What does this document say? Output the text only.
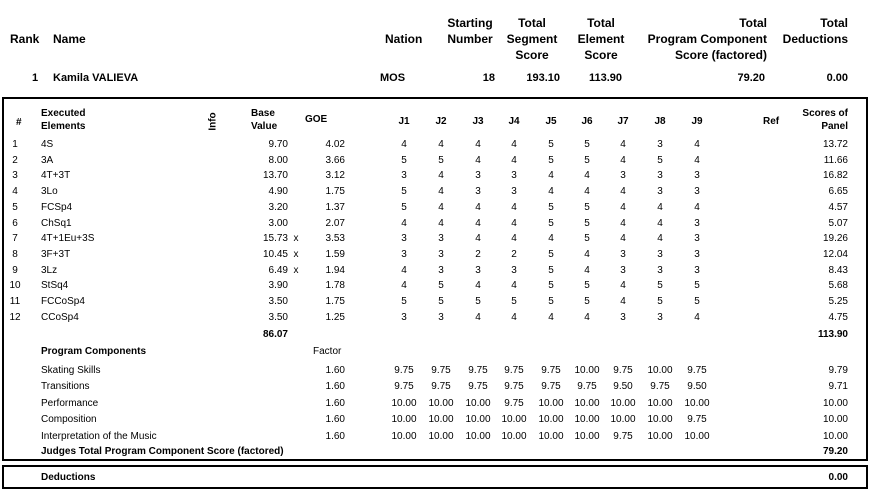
Rank Name	Nation
Starting
Number
Total
Segment
Score
Total
Element
Score
Total
Program Component
Score (factored)
Total
Deductions
1 Kamila VALIEVA	MOS	18	193.10	113.90	79.20	0.00
#
Executed
Elements	Info	Base
Value
GOE	J1	J2	J3	J4	J5	J6	J7	J8	J9	Ref
Scores of
Panel
1	4S	9.70	4.02	4	4	4	4	5	5	4	3	4	13.72
2	3A	8.00	3.66	5	5	4	4	5	5	4	5	4	11.66
3	4T+3T	13.70	3.12	3	4	3	3	4	4	3	3	3	16.82
4	3Lo	4.90	1.75	5	4	3	3	4	4	4	3	3	6.65
5	FCSp4	3.20	1.37	5	4	4	4	5	5	4	4	4	4.57
6	ChSq1	3.00	2.07	4	4	4	4	5	5	4	4	3	5.07
7	4T+1Eu+3S	15.73 x	3.53	3	3	4	4	4	5	4	4	3	19.26
8	3F+3T	10.45 x	1.59	3	3	2	2	5	4	3	3	3	12.04
9	3Lz	6.49 x	1.94	4	3	3	3	5	4	3	3	3	8.43
10	StSq4	3.90	1.78	4	5	4	4	5	5	4	5	5	5.68
11	FCCoSp4	3.50	1.75	5	5	5	5	5	5	4	5	5	5.25
12	CCoSp4	3.50	1.25	3	3	4	4	4	4	3	3	4	4.75
86.07	113.90
Program Components	Factor
Skating Skills	1.60	9.75	9.75	9.75	9.75	9.75	10.00	9.75	10.00	9.75	9.79
Transitions	1.60	9.75	9.75	9.75	9.75	9.75	9.75	9.50	9.75	9.50	9.71
Performance	1.60	10.00	10.00	10.00	9.75	10.00	10.00	10.00	10.00	10.00	10.00
Composition	1.60	10.00	10.00	10.00	10.00	10.00	10.00	10.00	10.00	9.75	10.00
Interpretation of the Music	1.60	10.00	10.00	10.00	10.00	10.00	10.00	9.75	10.00	10.00	10.00
Judges Total Program Component Score (factored)	79.20
Deductions	0.00
